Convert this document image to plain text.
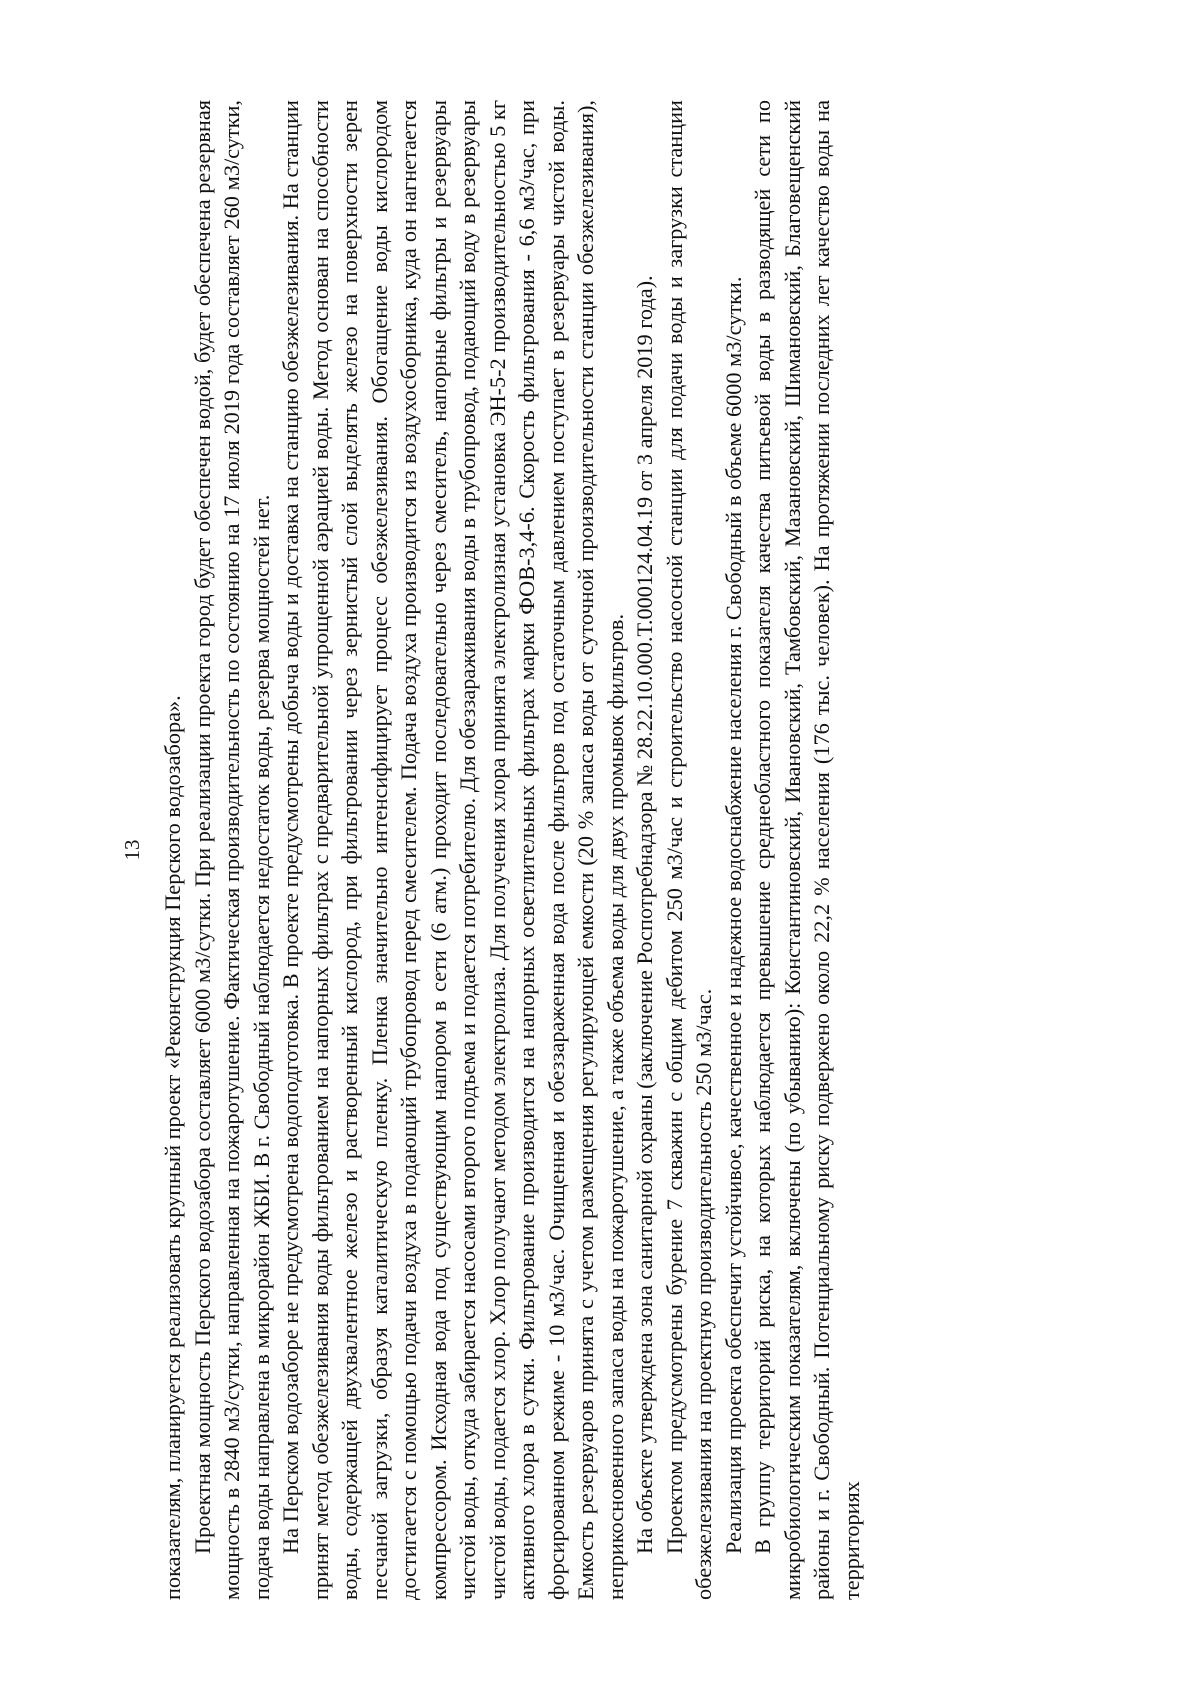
13 показателям, планируется реализовать крупный проект «Реконструкция Перского водозабора». Проектная мощность Перского водозабора составляет 6000 м3/сутки. При реализации проекта город будет обеспечен водой, будет обеспечена резервная мощность в 2840 м3/сутки, направленная на пожаротушение. Фактическая производительность по состоянию на 17 июля 2019 года составляет 260 м3/сутки, подача воды направлена в микрорайон ЖБИ. В г. Свободный наблюдается недостаток воды, резерва мощностей нет. На Перском водозаборе не предусмотрена водоподготовка. В проекте предусмотрены добыча воды и доставка на станцию обезжелезивания. На станции принят метод обезжелезивания воды фильтрованием на напорных фильтрах с предварительной упрощенной аэрацией воды. Метод основан на способности воды, содержащей двухвалентное железо и растворенный кислород, при фильтровании через зернистый слой выделять железо на поверхности зерен песчаной загрузки, образуя каталитическую пленку. Пленка значительно интенсифицирует процесс обезжелезивания. Обогащение воды кислородом достигается с помощью подачи воздуха в подающий трубопровод перед смесителем. Подача воздуха производится из воздухосборника, куда он нагнетается компрессором. Исходная вода под существующим напором в сети (6 атм.) проходит последовательно через смеситель, напорные фильтры и резервуары чистой воды, откуда забирается насосами второго подъема и подается потребителю. Для обеззараживания воды в трубопровод, подающий воду в резервуары чистой воды, подается хлор. Хлор получают методом электролиза. Для получения хлора принята электролизная установка ЭН-5-2 производительностью 5 кг активного хлора в сутки. Фильтрование производится на напорных осветлительных фильтрах марки ФОВ-3,4-6. Скорость фильтрования - 6,6 м3/час, при форсированном режиме - 10 м3/час. Очищенная и обеззараженная вода после фильтров под остаточным давлением поступает в резервуары чистой воды. Емкость резервуаров принята с учетом размещения регулирующей емкости (20 % запаса воды от суточной производительности станции обезжелезивания), неприкосновенного запаса воды на пожаротушение, а также объема воды для двух промывок фильтров. На объекте утверждена зона санитарной охраны (заключение Роспотребнадзора № 28.22.10.000.Т.000124.04.19 от 3 апреля 2019 года). Проектом предусмотрены бурение 7 скважин с общим дебитом 250 м3/час и строительство насосной станции для подачи воды и загрузки станции обезжелезивания на проектную производительность 250 м3/час. Реализация проекта обеспечит устойчивое, качественное и надежное водоснабжение населения г. Свободный в объеме 6000 м3/сутки. В группу территорий риска, на которых наблюдается превышение среднеобластного показателя качества питьевой воды в разводящей сети по микробиологическим показателям, включены (по убыванию): Константиновский, Ивановский, Тамбовский, Мазановский, Шимановский, Благовещенский районы и г. Свободный. Потенциальному риску подвержено около 22,2 % населения (176 тыс. человек). На протяжении последних лет качество воды на территориях
